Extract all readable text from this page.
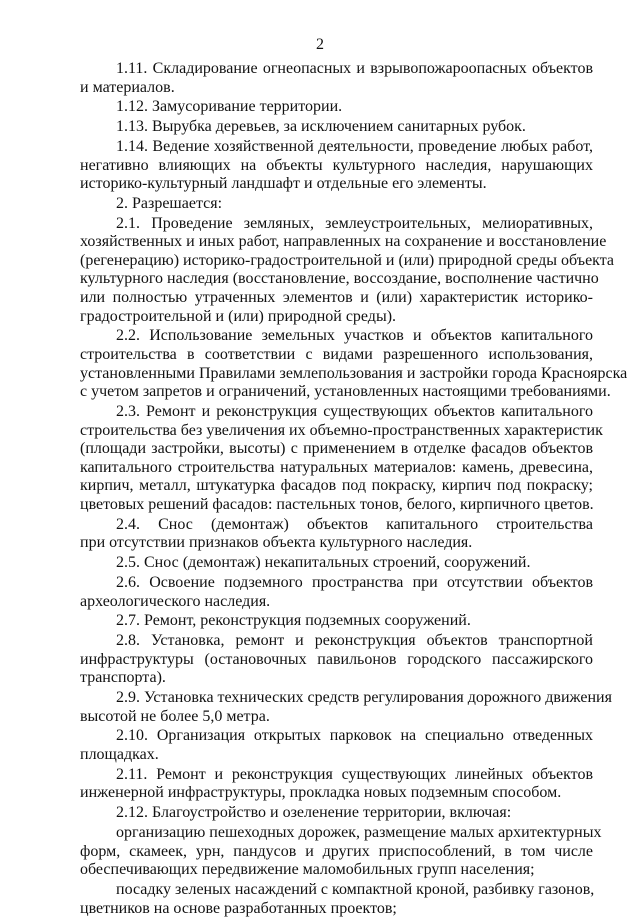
2
1.11. Складирование огнеопасных и взрывопожароопасных объектов
и материалов.
1.12. Замусоривание территории.
1.13. Вырубка деревьев, за исключением санитарных рубок.
1.14. Ведение хозяйственной деятельности, проведение любых работ,
негативно влияющих на объекты культурного наследия, нарушающих
историко-культурный ландшафт и отдельные его элементы.
2. Разрешается:
2.1. Проведение земляных, землеустроительных, мелиоративных,
хозяйственных и иных работ, направленных на сохранение и восстановление
(регенерацию) историко-градостроительной и (или) природной среды объекта
культурного наследия (восстановление, воссоздание, восполнение частично
или полностью утраченных элементов и (или) характеристик историко-
градостроительной и (или) природной среды).
2.2. Использование земельных участков и объектов капитального
строительства в соответствии с видами разрешенного использования,
установленными Правилами землепользования и застройки города Красноярска
с учетом запретов и ограничений, установленных настоящими требованиями.
2.3. Ремонт и реконструкция существующих объектов капитального
строительства без увеличения их объемно-пространственных характеристик
(площади застройки, высоты) с применением в отделке фасадов объектов
капитального строительства натуральных материалов: камень, древесина,
кирпич, металл, штукатурка фасадов под покраску, кирпич под покраску;
цветовых решений фасадов: пастельных тонов, белого, кирпичного цветов.
2.4. Снос (демонтаж) объектов капитального строительства
при отсутствии признаков объекта культурного наследия.
2.5. Снос (демонтаж) некапитальных строений, сооружений.
2.6. Освоение подземного пространства при отсутствии объектов
археологического наследия.
2.7. Ремонт, реконструкция подземных сооружений.
2.8. Установка, ремонт и реконструкция объектов транспортной
инфраструктуры (остановочных павильонов городского пассажирского
транспорта).
2.9. Установка технических средств регулирования дорожного движения
высотой не более 5,0 метра.
2.10. Организация открытых парковок на специально отведенных
площадках.
2.11. Ремонт и реконструкция существующих линейных объектов
инженерной инфраструктуры, прокладка новых подземным способом.
2.12. Благоустройство и озеленение территории, включая:
организацию пешеходных дорожек, размещение малых архитектурных
форм, скамеек, урн, пандусов и других приспособлений, в том числе
обеспечивающих передвижение маломобильных групп населения;
посадку зеленых насаждений с компактной кроной, разбивку газонов,
цветников на основе разработанных проектов;
